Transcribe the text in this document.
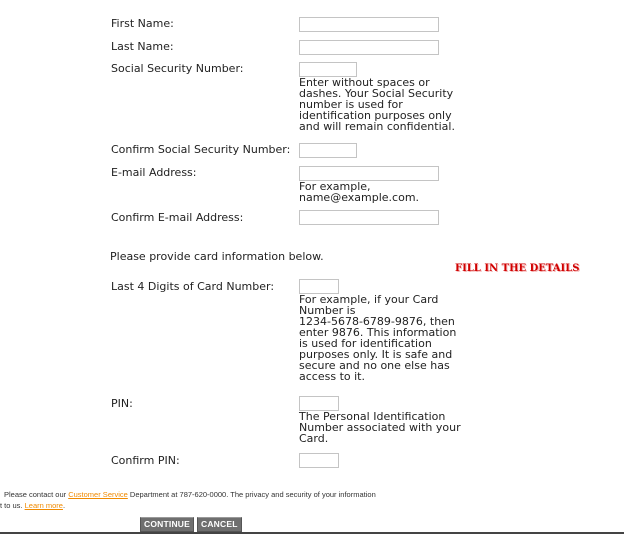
First Name:
Last Name:
Social Security Number:
Enter without spaces or
dashes. Your Social Security
number is used for
identification purposes only
and will remain confidential.
Confirm Social Security Number:
E-mail Address:
For example,
name@example.com.
Confirm E-mail Address:
Please provide card information below.
FILL IN THE DETAILS
Last 4 Digits of Card Number:
For example, if your Card
Number is
1234-5678-6789-9876, then
enter 9876. This information
is used for identification
purposes only. It is safe and
secure and no one else has
access to it.
PIN:
The Personal Identification
Number associated with your
Card.
Confirm PIN:
Please contact our Customer Service Department at 787-620-0000. The privacy and security of your information
t to us. Learn more.
CONTINUE	CANCEL
